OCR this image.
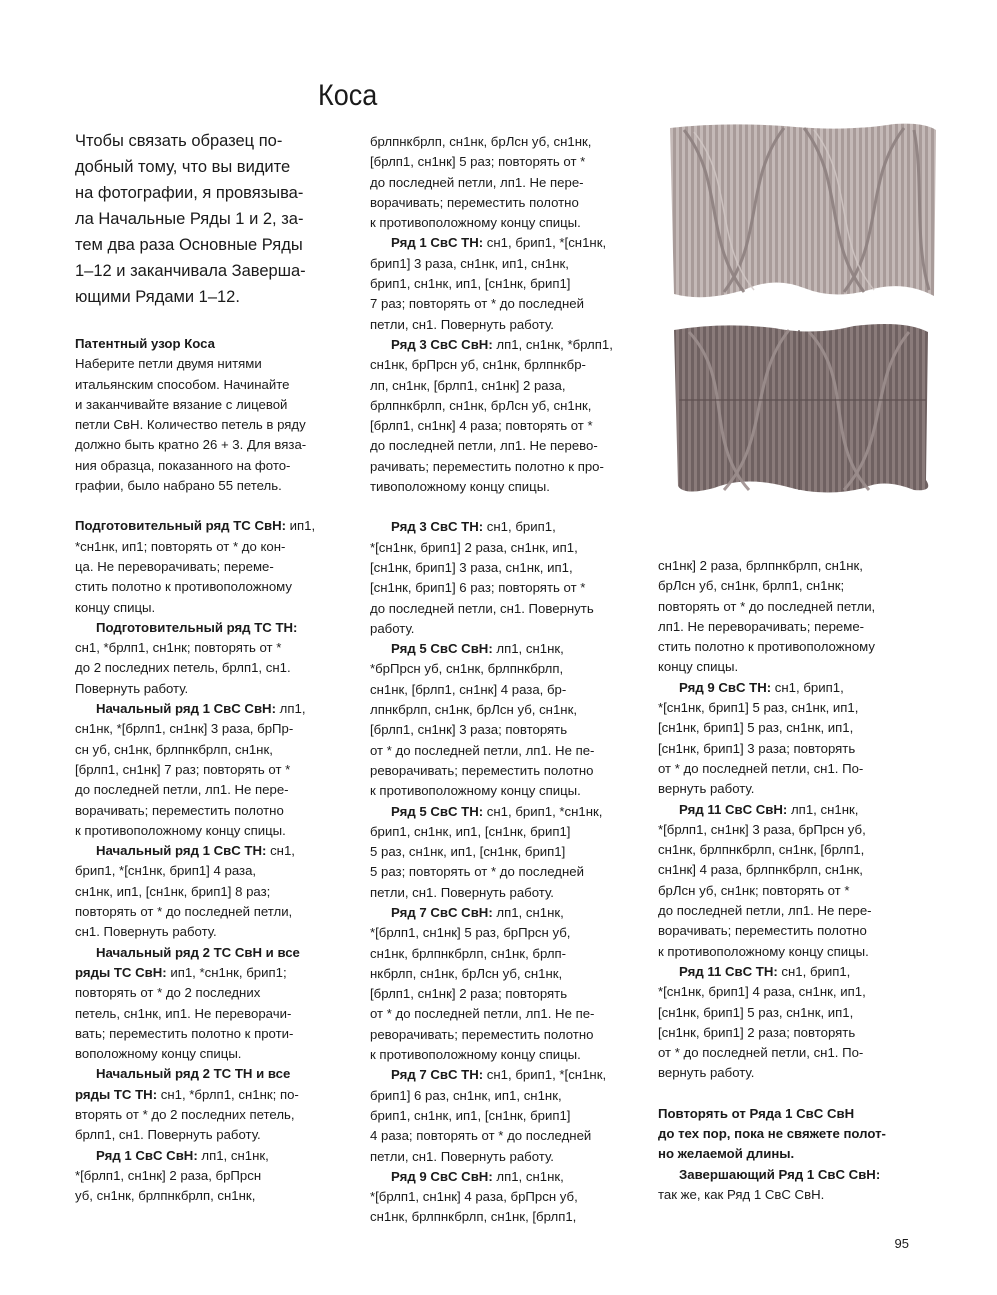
Коса

Чтобы связать образец по-

добный тому, что вы видите

на фотографии, я провязыва-

ла Начальные Ряды 1 и 2, за-

тем два раза Основные Ряды

1–12 и заканчивала Заверша-

ющими Рядами 1–12.

Патентный узор Коса

Наберите петли двумя нитями

итальянским способом. Начинайте

и заканчивайте вязание с лицевой

петли СвН. Количество петель в ряду

должно быть кратно 26 + 3. Для вяза-

ния образца, показанного на фото-

графии, было набрано 55 петель.

Подготовительный ряд ТС СвН: ип1,

*сн1нк, ип1; повторять от * до кон-

ца. Не переворачивать; переме-

стить полотно к противоположному

концу спицы.

Подготовительный ряд ТС ТН:

сн1, *брлп1, сн1нк; повторять от *

до 2 последних петель, брлп1, сн1.

Повернуть работу.

Начальный ряд 1 СвС СвН: лп1,

сн1нк, *[брлп1, сн1нк] 3 раза, брПр-

сн уб, сн1нк, брлпнкбрлп, сн1нк,

[брлп1, сн1нк] 7 раз; повторять от *

до последней петли, лп1. Не пере-

ворачивать; переместить полотно

к противоположному концу спицы.

Начальный ряд 1 СвС ТН: сн1,

брип1, *[сн1нк, брип1] 4 раза,

сн1нк, ип1, [сн1нк, брип1] 8 раз;

повторять от * до последней петли,

сн1. Повернуть работу.

Начальный ряд 2 ТС СвН и все

ряды ТС СвН: ип1, *сн1нк, брип1;

повторять от * до 2 последних

петель, сн1нк, ип1. Не переворачи-

вать; переместить полотно к проти-

воположному концу спицы.

Начальный ряд 2 ТС ТН и все

ряды ТС ТН: сн1, *брлп1, сн1нк; по-

вторять от * до 2 последних петель,

брлп1, сн1. Повернуть работу.

Ряд 1 СвС СвН: лп1, сн1нк,

*[брлп1, сн1нк] 2 раза, брПрсн

уб, сн1нк, брлпнкбрлп, сн1нк,

брлпнкбрлп, сн1нк, брЛсн уб, сн1нк,

[брлп1, сн1нк] 5 раз; повторять от *

до последней петли, лп1. Не пере-

ворачивать; переместить полотно

к противоположному концу спицы.

Ряд 1 СвС ТН: сн1, брип1, *[сн1нк,

брип1] 3 раза, сн1нк, ип1, сн1нк,

брип1, сн1нк, ип1, [сн1нк, брип1]

7 раз; повторять от * до последней

петли, сн1. Повернуть работу.

Ряд 3 СвС СвН: лп1, сн1нк, *брлп1,

сн1нк, брПрсн уб, сн1нк, брлпнкбр-

лп, сн1нк, [брлп1, сн1нк] 2 раза,

брлпнкбрлп, сн1нк, брЛсн уб, сн1нк,

[брлп1, сн1нк] 4 раза; повторять от *

до последней петли, лп1. Не перево-

рачивать; переместить полотно к про-

тивоположному концу спицы.

Ряд 3 СвС ТН: сн1, брип1,

*[сн1нк, брип1] 2 раза, сн1нк, ип1,

[сн1нк, брип1] 3 раза, сн1нк, ип1,

[сн1нк, брип1] 6 раз; повторять от *

до последней петли, сн1. Повернуть

работу.

Ряд 5 СвС СвН: лп1, сн1нк,

*брПрсн уб, сн1нк, брлпнкбрлп,

сн1нк, [брлп1, сн1нк] 4 раза, бр-

лпнкбрлп, сн1нк, брЛсн уб, сн1нк,

[брлп1, сн1нк] 3 раза; повторять

от * до последней петли, лп1. Не пе-

реворачивать; переместить полотно

к противоположному концу спицы.

Ряд 5 СвС ТН: сн1, брип1, *сн1нк,

брип1, сн1нк, ип1, [сн1нк, брип1]

5 раз, сн1нк, ип1, [сн1нк, брип1]

5 раз; повторять от * до последней

петли, сн1. Повернуть работу.

Ряд 7 СвС СвН: лп1, сн1нк,

*[брлп1, сн1нк] 5 раз, брПрсн уб,

сн1нк, брлпнкбрлп, сн1нк, брлп-

нкбрлп, сн1нк, брЛсн уб, сн1нк,

[брлп1, сн1нк] 2 раза; повторять

от * до последней петли, лп1. Не пе-

реворачивать; переместить полотно

к противоположному концу спицы.

Ряд 7 СвС ТН: сн1, брип1, *[сн1нк,

брип1] 6 раз, сн1нк, ип1, сн1нк,

брип1, сн1нк, ип1, [сн1нк, брип1]

4 раза; повторять от * до последней

петли, сн1. Повернуть работу.

Ряд 9 СвС СвН: лп1, сн1нк,

*[брлп1, сн1нк] 4 раза, брПрсн уб,

сн1нк, брлпнкбрлп, сн1нк, [брлп1,

сн1нк] 2 раза, брлпнкбрлп, сн1нк,

брЛсн уб, сн1нк, брлп1, сн1нк;

повторять от * до последней петли,

лп1. Не переворачивать; переме-

стить полотно к противоположному

концу спицы.

Ряд 9 СвС ТН: сн1, брип1,

*[сн1нк, брип1] 5 раз, сн1нк, ип1,

[сн1нк, брип1] 5 раз, сн1нк, ип1,

[сн1нк, брип1] 3 раза; повторять

от * до последней петли, сн1. По-

вернуть работу.

Ряд 11 СвС СвН: лп1, сн1нк,

*[брлп1, сн1нк] 3 раза, брПрсн уб,

сн1нк, брлпнкбрлп, сн1нк, [брлп1,

сн1нк] 4 раза, брлпнкбрлп, сн1нк,

брЛсн уб, сн1нк; повторять от *

до последней петли, лп1. Не пере-

ворачивать; переместить полотно

к противоположному концу спицы.

Ряд 11 СвС ТН: сн1, брип1,

*[сн1нк, брип1] 4 раза, сн1нк, ип1,

[сн1нк, брип1] 5 раз, сн1нк, ип1,

[сн1нк, брип1] 2 раза; повторять

от * до последней петли, сн1. По-

вернуть работу.

Повторять от Ряда 1 СвС СвН

до тех пор, пока не свяжете полот-

но желаемой длины.

Завершающий Ряд 1 СвС СвН:

так же, как Ряд 1 СвС СвН.

95
